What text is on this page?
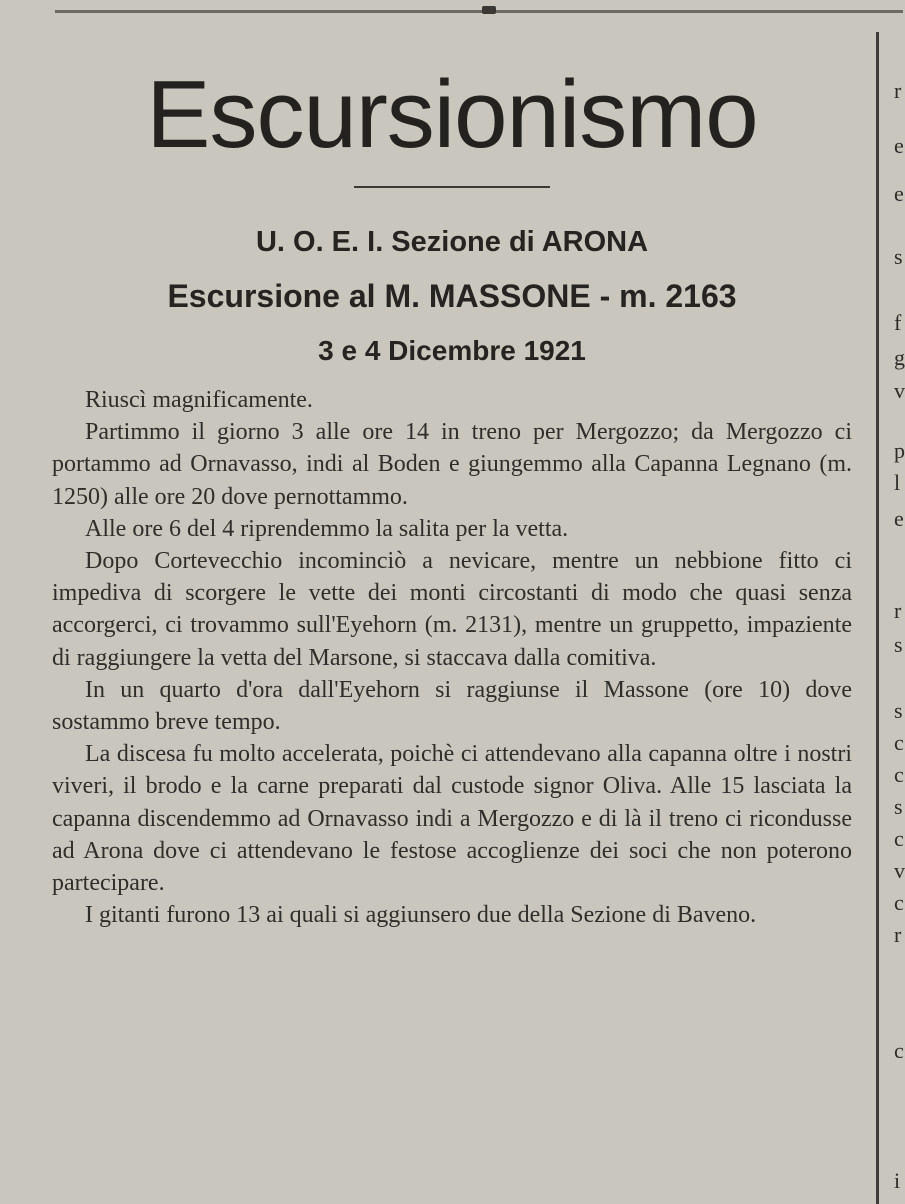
Escursionismo
U. O. E. I. Sezione di ARONA
Escursione al M. MASSONE - m. 2163
3 e 4 Dicembre 1921

Riuscì magnificamente.

Partimmo il giorno 3 alle ore 14 in treno per Mergozzo; da Mergozzo ci portammo ad Ornavasso, indi al Boden e giungemmo alla Capanna Legnano (m. 1250) alle ore 20 dove pernottammo.

Alle ore 6 del 4 riprendemmo la salita per la vetta.

Dopo Cortevecchio incominciò a nevicare, mentre un nebbione fitto ci impediva di scorgere le vette dei monti circostanti di modo che quasi senza accorgerci, ci trovammo sull'Eyehorn (m. 2131), mentre un gruppetto, impaziente di raggiungere la vetta del Marsone, si staccava dalla comitiva.

In un quarto d'ora dall'Eyehorn si raggiunse il Massone (ore 10) dove sostammo breve tempo.

La discesa fu molto accelerata, poichè ci attendevano alla capanna oltre i nostri viveri, il brodo e la carne preparati dal custode signor Oliva. Alle 15 lasciata la capanna discendemmo ad Ornavasso indi a Mergozzo e di là il treno ci ricondusse ad Arona dove ci attendevano le festose accoglienze dei soci che non poterono partecipare.

I gitanti furono 13 ai quali si aggiunsero due della Sezione di Baveno.

r
e
e
s
f
g
v
p
l
e
r
s
s
c
c
s
c
v
c
r
c
i
